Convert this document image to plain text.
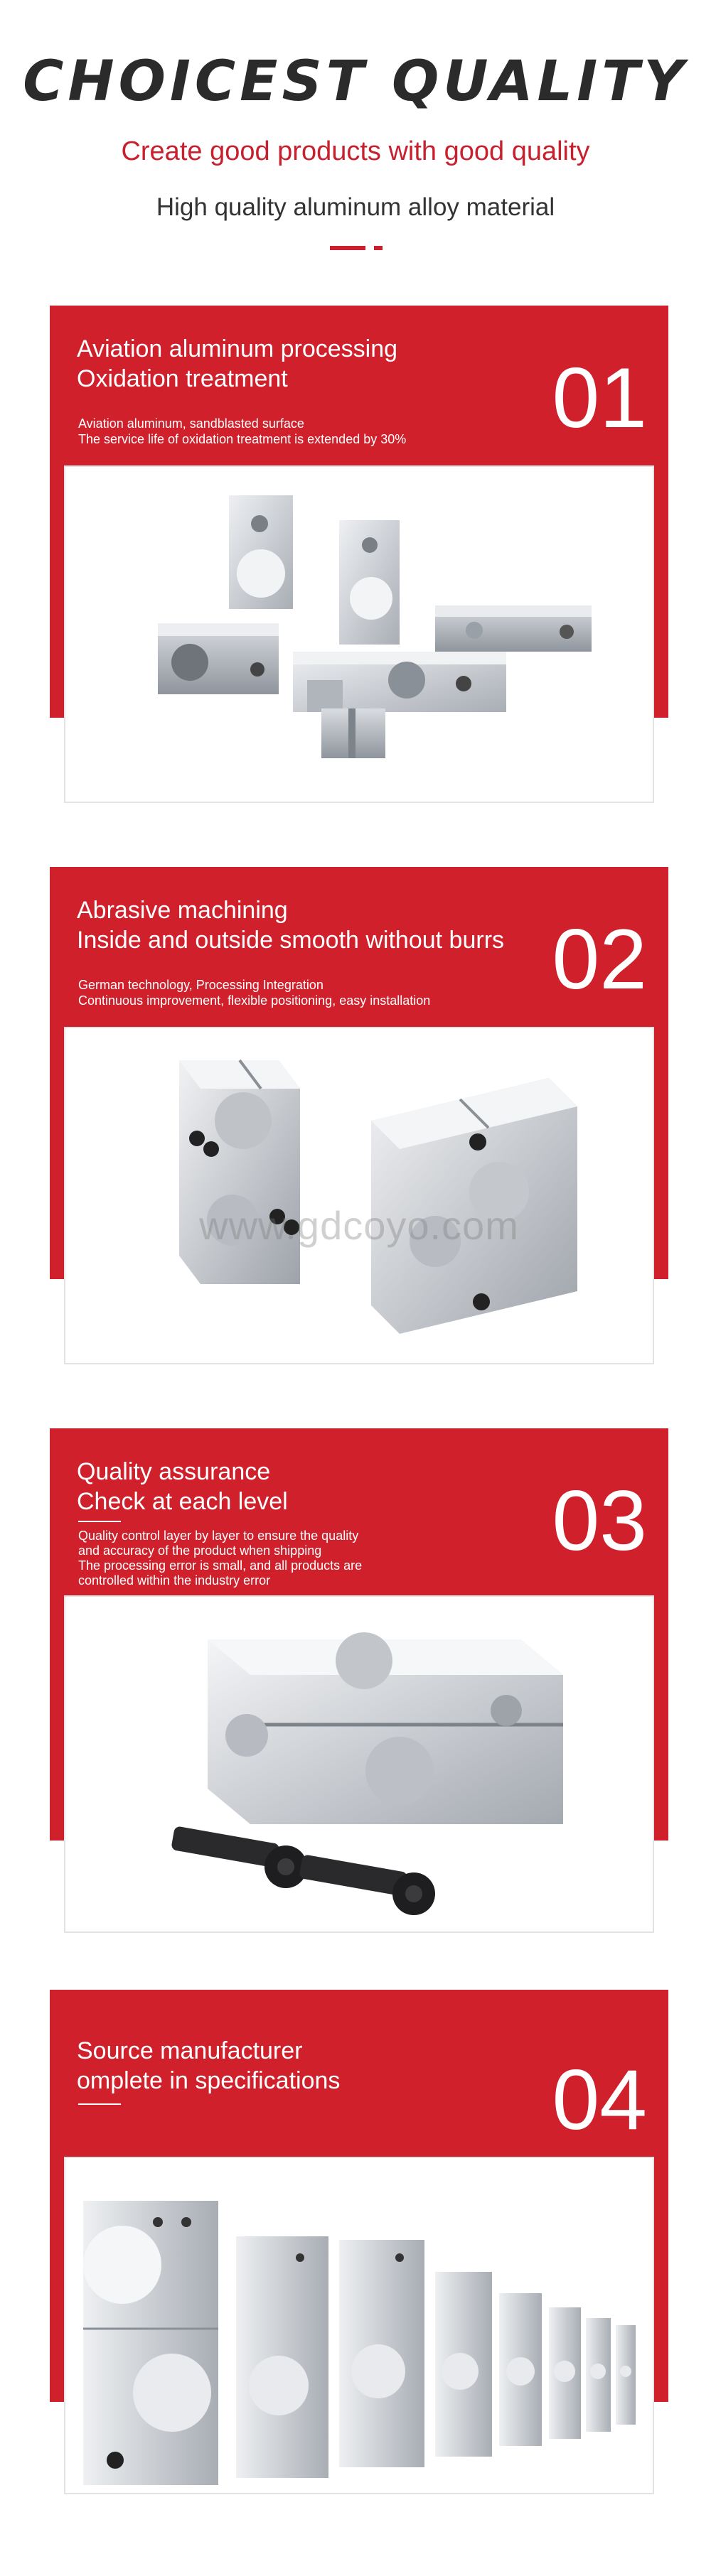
CHOICEST QUALITY
Create good products with good quality
High quality aluminum alloy material
Aviation aluminum processing
Oxidation treatment
Aviation aluminum, sandblasted surface
The service life of oxidation treatment is extended by 30% 01
Abrasive machining
Inside and outside smooth without burrs
German technology, Processing Integration
Continuous improvement, flexible positioning, easy installation 02
www.gdcoyo.com
Quality assurance
Check at each level
Quality control layer by layer to ensure the quality
and accuracy of the product when shipping
The processing error is small, and all products are
controlled within the industry error
03
Source manufacturer
omplete in specifications 04
